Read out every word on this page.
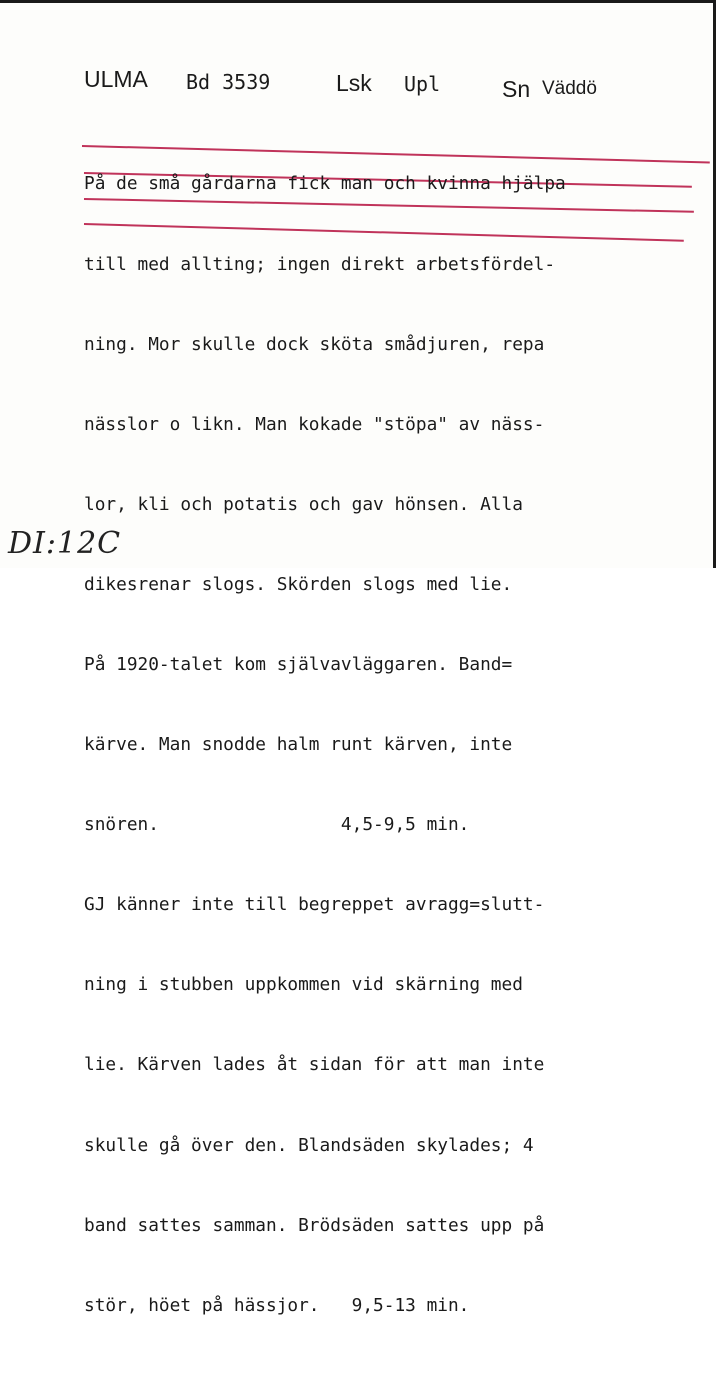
ULMA Bd 3539	Lsk Upl	Sn Väddö

På de små gårdarna fick man och kvinna hjälpa

till med allting; ingen direkt arbetsfördel-

ning. Mor skulle dock sköta smådjuren, repa

nässlor o likn. Man kokade "stöpa" av näss-

lor, kli och potatis och gav hönsen. Alla

dikesrenar slogs. Skörden slogs med lie.

På 1920-talet kom självavläggaren. Band=

kärve. Man snodde halm runt kärven, inte

snören.                 4,5-9,5 min.

GJ känner inte till begreppet avragg=slutt-

ning i stubben uppkommen vid skärning med

lie. Kärven lades åt sidan för att man inte

skulle gå över den. Blandsäden skylades; 4

band sattes samman. Brödsäden sattes upp på

stör, höet på hässjor.   9,5-13 min.

DI:12C
